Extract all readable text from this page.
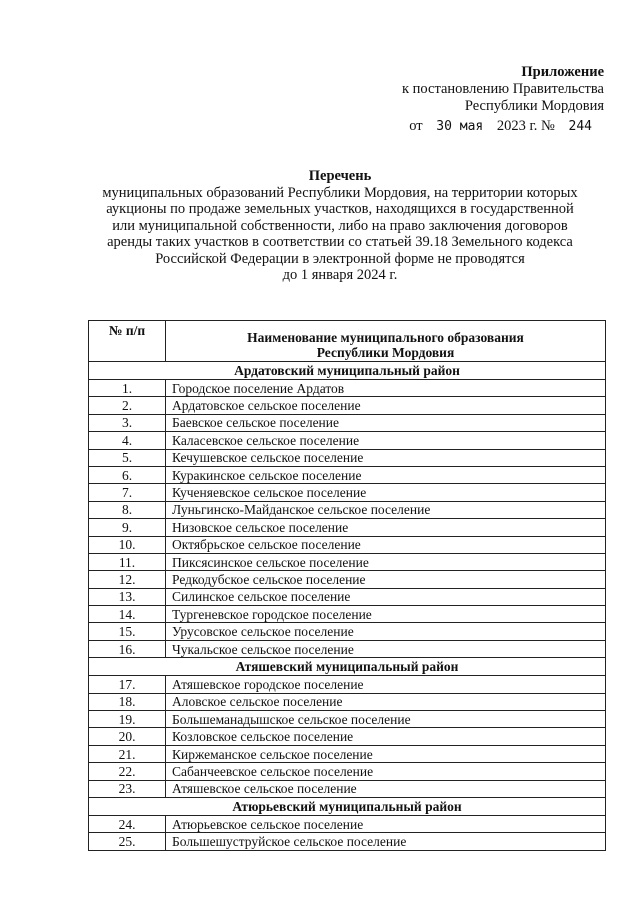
Приложение
к постановлению Правительства
Республики Мордовия
от 30 мая 2023 г. № 244
Перечень
муниципальных образований Республики Мордовия, на территории которых
аукционы по продаже земельных участков, находящихся в государственной
или муниципальной собственности, либо на право заключения договоров
аренды таких участков в соответствии со статьей 39.18 Земельного кодекса
Российской Федерации в электронной форме не проводятся
до 1 января 2024 г.
№ п/п	Наименование муниципального образования
Республики Мордовия

Ардатовский муниципальный район	
1.	Городское поселение Ардатов
2.	Ардатовское сельское поселение
3.	Баевское сельское поселение
4.	Каласевское сельское поселение
5.	Кечушевское сельское поселение
6.	Куракинское сельское поселение
7.	Кученяевское сельское поселение
8.	Луньгинско-Майданское сельское поселение
9.	Низовское сельское поселение
10.	Октябрьское сельское поселение
11.	Пиксясинское сельское поселение
12.	Редкодубское сельское поселение
13.	Силинское сельское поселение
14.	Тургеневское городское поселение
15.	Урусовское сельское поселение
16.	Чукальское сельское поселение
Атяшевский муниципальный район	
17.	Атяшевское городское поселение
18.	Аловское сельское поселение
19.	Большеманадышское сельское поселение
20.	Козловское сельское поселение
21.	Киржеманское сельское поселение
22.	Сабанчеевское сельское поселение
23.	Атяшевское сельское поселение
Атюрьевский муниципальный район	
24.	Атюрьевское сельское поселение
25.	Большешуструйское сельское поселение
